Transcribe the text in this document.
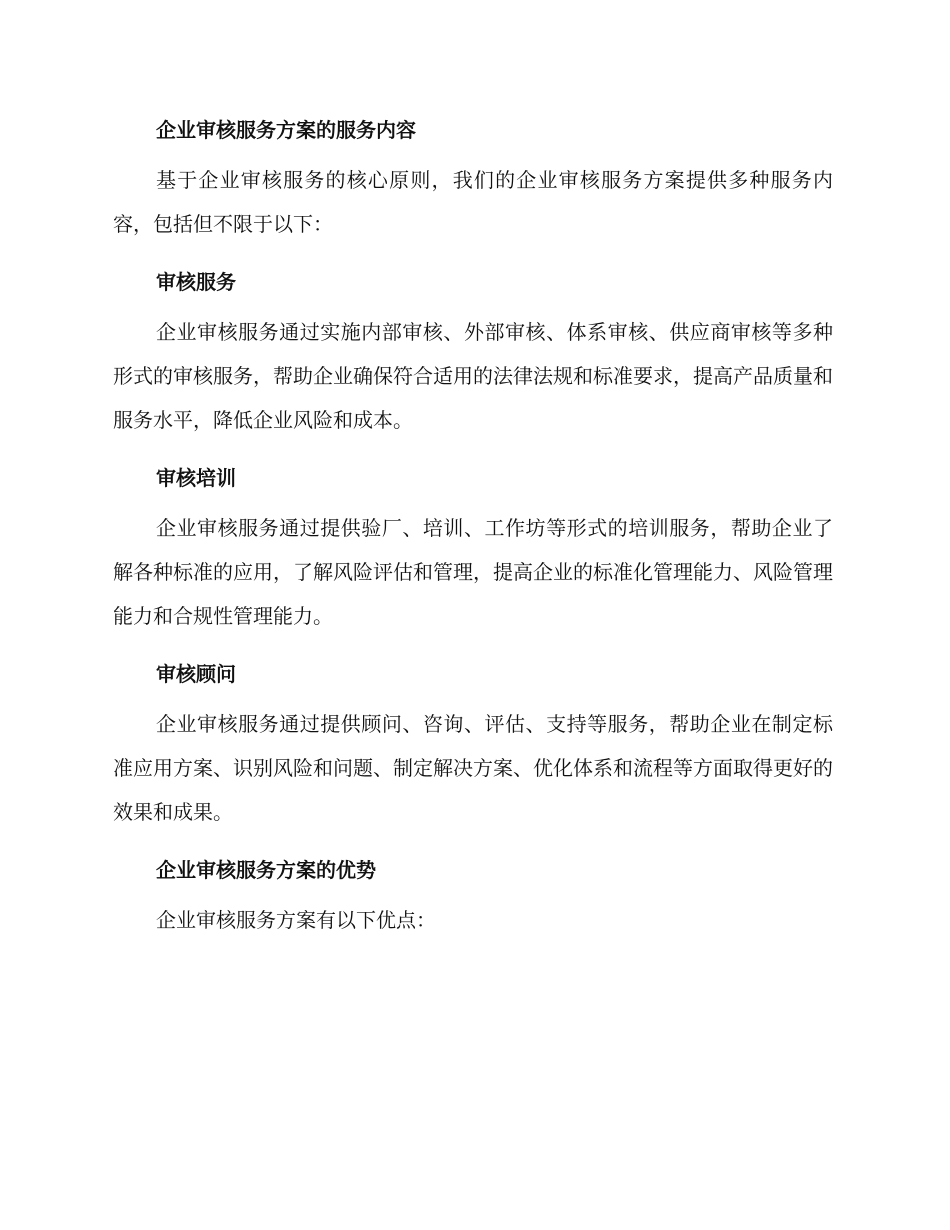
企业审核服务方案的服务内容

基于企业审核服务的核心原则，我们的企业审核服务方案提供多种服务内容，包括但不限于以下：

审核服务

企业审核服务通过实施内部审核、外部审核、体系审核、供应商审核等多种形式的审核服务，帮助企业确保符合适用的法律法规和标准要求，提高产品质量和服务水平，降低企业风险和成本。

审核培训

企业审核服务通过提供验厂、培训、工作坊等形式的培训服务，帮助企业了解各种标准的应用，了解风险评估和管理，提高企业的标准化管理能力、风险管理能力和合规性管理能力。

审核顾问

企业审核服务通过提供顾问、咨询、评估、支持等服务，帮助企业在制定标准应用方案、识别风险和问题、制定解决方案、优化体系和流程等方面取得更好的效果和成果。

企业审核服务方案的优势

企业审核服务方案有以下优点：
